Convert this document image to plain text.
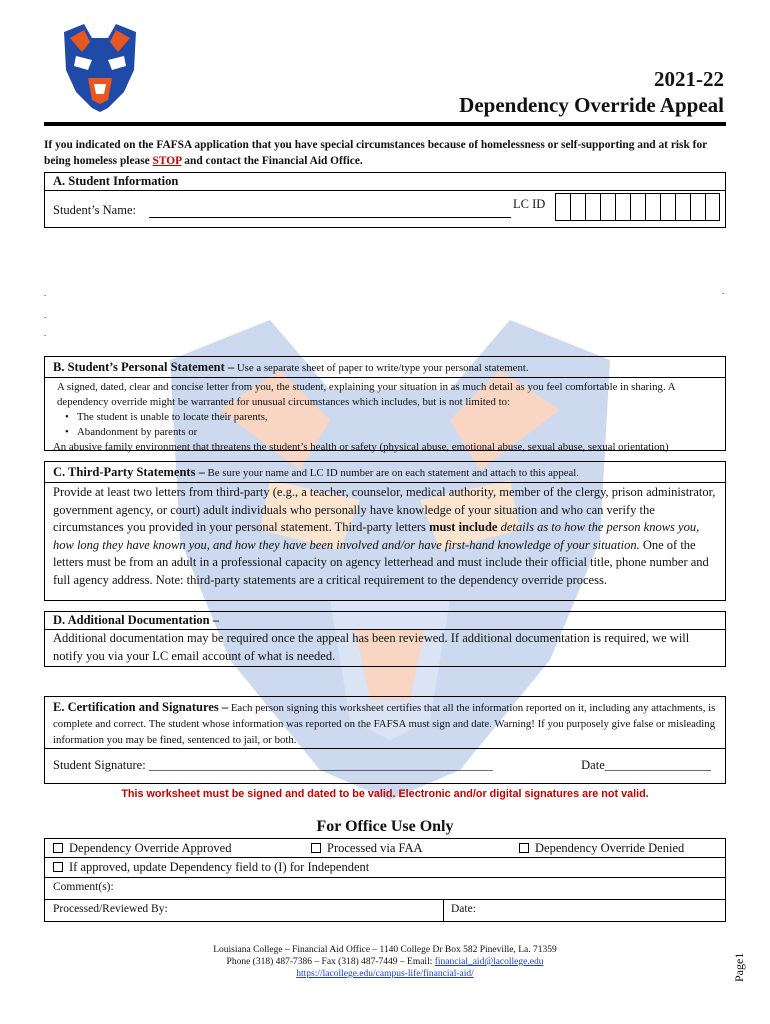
2021-22
Dependency Override Appeal
If you indicated on the FAFSA application that you have special circumstances because of homelessness or self-supporting and at risk for being homeless please STOP and contact the Financial Aid Office.
A. Student Information
Student’s Name:	LC ID
.	.
.
.
B. Student’s Personal Statement – Use a separate sheet of paper to write/type your personal statement.
A signed, dated, clear and concise letter from you, the student, explaining your situation in as much detail as you feel comfortable in sharing. A dependency override might be warranted for unusual circumstances which includes, but is not limited to:
• The student is unable to locate their parents,
• Abandonment by parents or
An abusive family environment that threatens the student’s health or safety (physical abuse, emotional abuse, sexual abuse, sexual orientation)
C. Third-Party Statements – Be sure your name and LC ID number are on each statement and attach to this appeal.
Provide at least two letters from third-party (e.g., a teacher, counselor, medical authority, member of the clergy, prison administrator, government agency, or court) adult individuals who personally have knowledge of your situation and who can verify the circumstances you provided in your personal statement. Third-party letters must include details as to how the person knows you, how long they have known you, and how they have been involved and/or have first-hand knowledge of your situation. One of the letters must be from an adult in a professional capacity on agency letterhead and must include their official title, phone number and full agency address. Note: third-party statements are a critical requirement to the dependency override process.
D. Additional Documentation –
Additional documentation may be required once the appeal has been reviewed. If additional documentation is required, we will notify you via your LC email account of what is needed.
E. Certification and Signatures – Each person signing this worksheet certifies that all the information reported on it, including any attachments, is complete and correct. The student whose information was reported on the FAFSA must sign and date. Warning! If you purposely give false or misleading information you may be fined, sentenced to jail, or both.
Student Signature: _______________________________________________________	Date_________________
This worksheet must be signed and dated to be valid. Electronic and/or digital signatures are not valid.
For Office Use Only
Dependency Override Approved	Processed via FAA	Dependency Override Denied
If approved, update Dependency field to (I) for Independent
Comment(s):
Processed/Reviewed By:	Date:
Louisiana College – Financial Aid Office – 1140 College Dr Box 582 Pineville, La. 71359
Phone (318) 487-7386 – Fax (318) 487-7449 – Email: financial_aid@lacollege.edu
https://lacollege.edu/campus-life/financial-aid/	Page1
